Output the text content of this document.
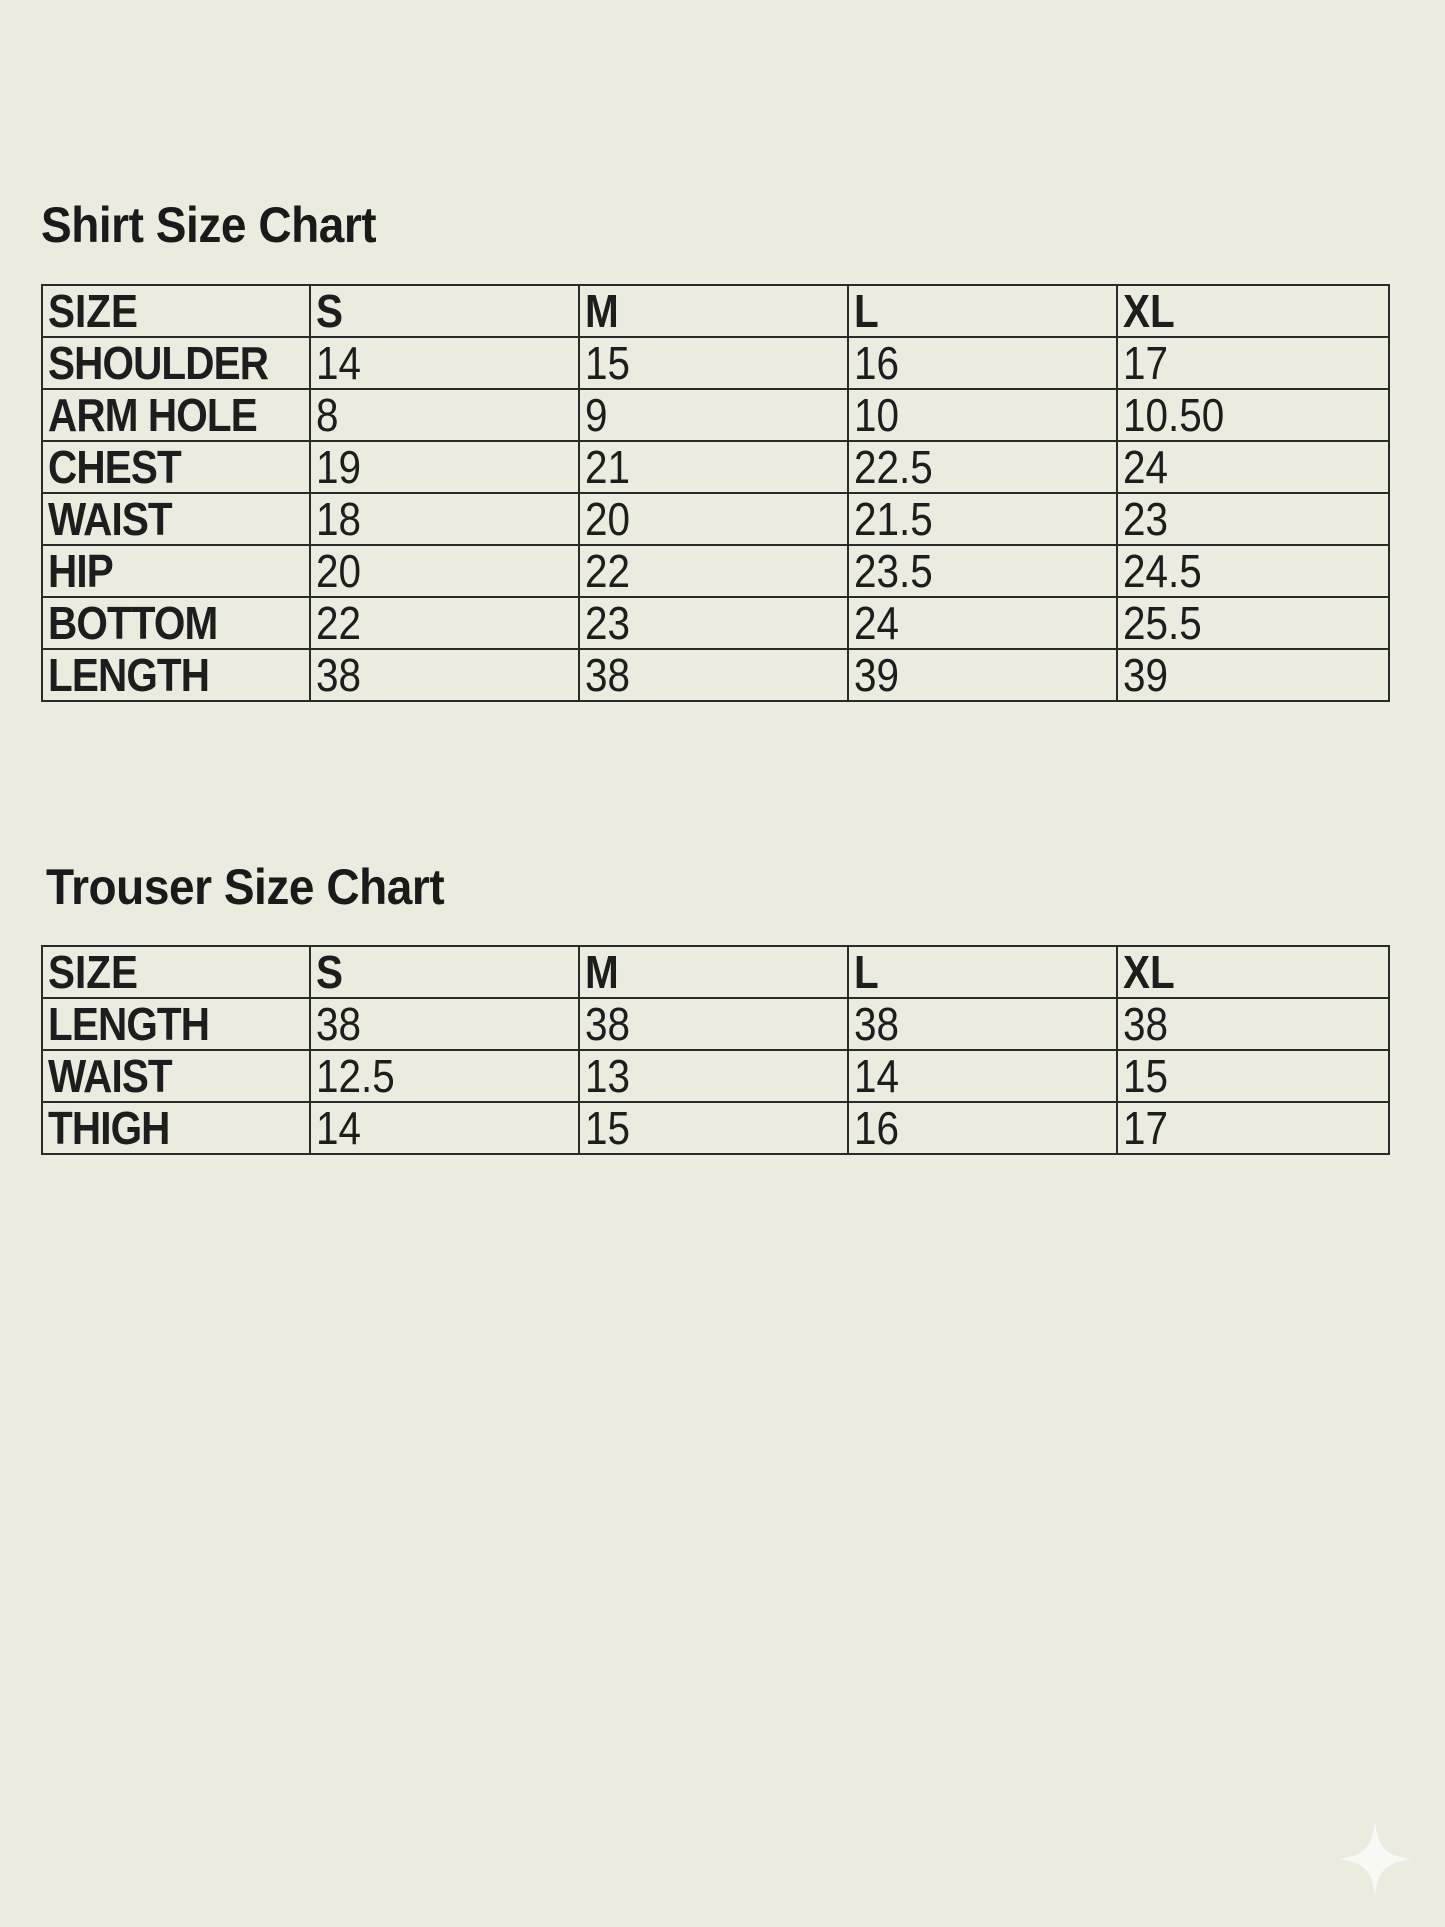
Shirt Size Chart
SIZE	S	M	L	XL
SHOULDER	14	15	16	17
ARM HOLE	8	9	10	10.50
CHEST	19	21	22.5	24
WAIST	18	20	21.5	23
HIP	20	22	23.5	24.5
BOTTOM	22	23	24	25.5
LENGTH	38	38	39	39
Trouser Size Chart
SIZE	S	M	L	XL
LENGTH	38	38	38	38
WAIST	12.5	13	14	15
THIGH	14	15	16	17
